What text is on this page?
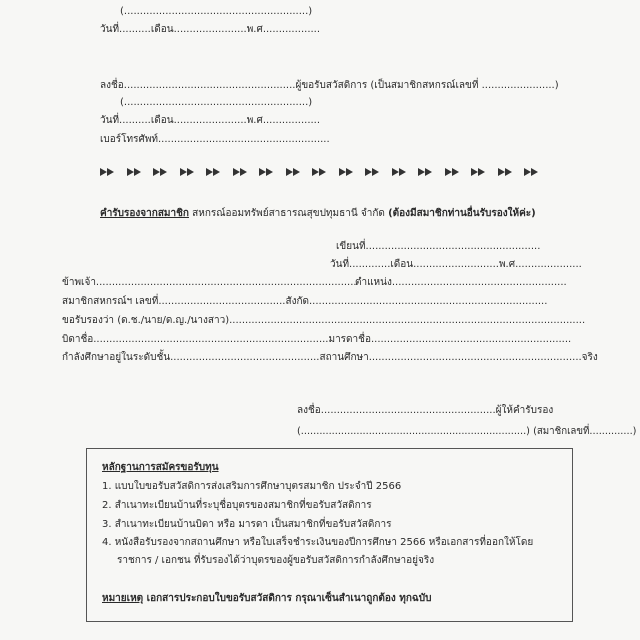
(..........................................................)
วันที่..........เดือน.......................พ.ศ..................
ลงชื่อ......................................................ผู้ขอรับสวัสดิการ (เป็นสมาชิกสหกรณ์เลขที่ .......................)
(..........................................................)
วันที่..........เดือน.......................พ.ศ..................
เบอร์โทรศัพท์......................................................
คำรับรองจากสมาชิก สหกรณ์ออมทรัพย์สาธารณสุขปทุมธานี จำกัด (ต้องมีสมาชิกท่านอื่นรับรองให้ค่ะ)
เขียนที่.......................................................
วันที่.............เดือน...........................พ.ศ.....................
ข้าพเจ้า..................................................................................
ตำแหน่ง.......................................................
สมาชิกสหกรณ์ฯ เลขที่........................................สังกัด...........................................................................
ขอรับรองว่า (ด.ช./นาย/ด.ญ./นางสาว)................................................................................................................
บิดาชื่อ..........................................................................มารดาชื่อ...............................................................
กำลังศึกษาอยู่ในระดับชั้น...............................................สถานศึกษา...................................................................จริง
ลงชื่อ.......................................................ผู้ให้คำรับรอง
(.........................................................................) (สมาชิกเลขที่..............)
หลักฐานการสมัครขอรับทุน
1. แบบใบขอรับสวัสดิการส่งเสริมการศึกษาบุตรสมาชิก ประจำปี 2566
2. สำเนาทะเบียนบ้านที่ระบุชื่อบุตรของสมาชิกที่ขอรับสวัสดิการ
3. สำเนาทะเบียนบ้านบิดา หรือ มารดา เป็นสมาชิกที่ขอรับสวัสดิการ
4. หนังสือรับรองจากสถานศึกษา หรือใบเสร็จชำระเงินของปีการศึกษา 2566 หรือเอกสารที่ออกให้โดย
ราชการ / เอกชน ที่รับรองได้ว่าบุตรของผู้ขอรับสวัสดิการกำลังศึกษาอยู่จริง
หมายเหตุ เอกสารประกอบใบขอรับสวัสดิการ กรุณาเซ็นสำเนาถูกต้อง ทุกฉบับ
